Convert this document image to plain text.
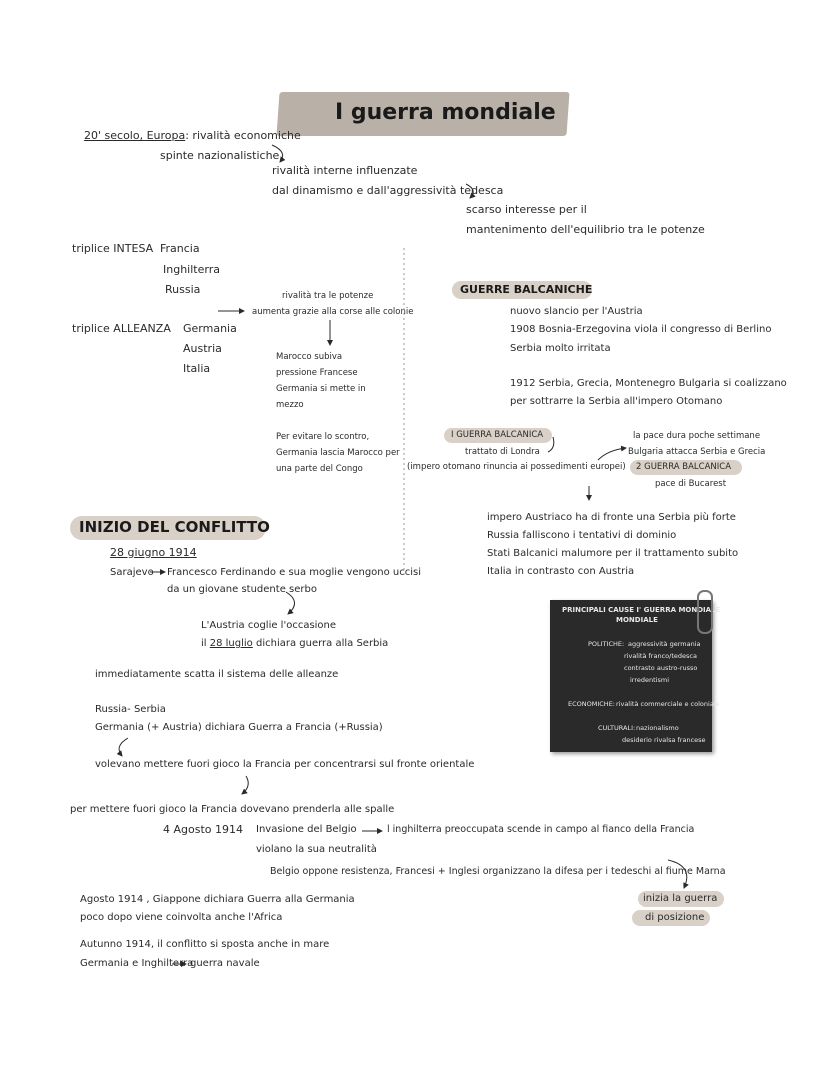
I guerra mondiale
20' secolo, Europa: rivalità economiche
spinte nazionalistiche
rivalità interne influenzate
dal dinamismo e dall'aggressività tedesca
scarso interesse per il
mantenimento dell'equilibrio tra le potenze
triplice INTESA Francia
Inghilterra
Russia
triplice ALLEANZA Germania
Austria
Italia
rivalità tra le potenze
aumenta grazie alla corse alle colonie
Marocco subiva
pressione Francese
Germania si mette in
mezzo
Per evitare lo scontro,
Germania lascia Marocco per
una parte del Congo
GUERRE BALCANICHE
nuovo slancio per l'Austria
1908 Bosnia-Erzegovina viola il congresso di Berlino
Serbia molto irritata
1912 Serbia, Grecia, Montenegro Bulgaria si coalizzano
per sottrarre la Serbia all'impero Otomano
I GUERRA BALCANICA
trattato di Londra
(impero otomano rinuncia ai possedimenti europei)
la pace dura poche settimane
Bulgaria attacca Serbia e Grecia
2 GUERRA BALCANICA
pace di Bucarest
impero Austriaco ha di fronte una Serbia più forte
Russia falliscono i tentativi di dominio
Stati Balcanici malumore per il trattamento subito
Italia in contrasto con Austria
PRINCIPALI CAUSE I' GUERRA MONDIALE
MONDIALE
POLITICHE: aggressività germania
rivalità franco/tedesca
contrasto austro-russo
irredentismi
ECONOMICHE: rivalità commerciale e coloniale
CULTURALI: nazionalismo
desiderio rivalsa francese
INIZIO DEL CONFLITTO
28 giugno 1914
Sarajevo Francesco Ferdinando e sua moglie vengono uccisi
da un giovane studente serbo
L'Austria coglie l'occasione
il 28 luglio dichiara guerra alla Serbia
immediatamente scatta il sistema delle alleanze
Russia- Serbia
Germania (+ Austria) dichiara Guerra a Francia (+Russia)
volevano mettere fuori gioco la Francia per concentrarsi sul fronte orientale
per mettere fuori gioco la Francia dovevano prenderla alle spalle
4 Agosto 1914 Invasione del Belgio
violano la sua neutralità
l inghilterra preoccupata scende in campo al fianco della Francia
Belgio oppone resistenza, Francesi + Inglesi organizzano la difesa per i tedeschi al fiume Marna
inizia la guerra
di posizione
Agosto 1914 , Giappone dichiara Guerra alla Germania
poco dopo viene coinvolta anche l'Africa
Autunno 1914, il conflitto si sposta anche in mare
Germania e Inghilterra
guerra navale
